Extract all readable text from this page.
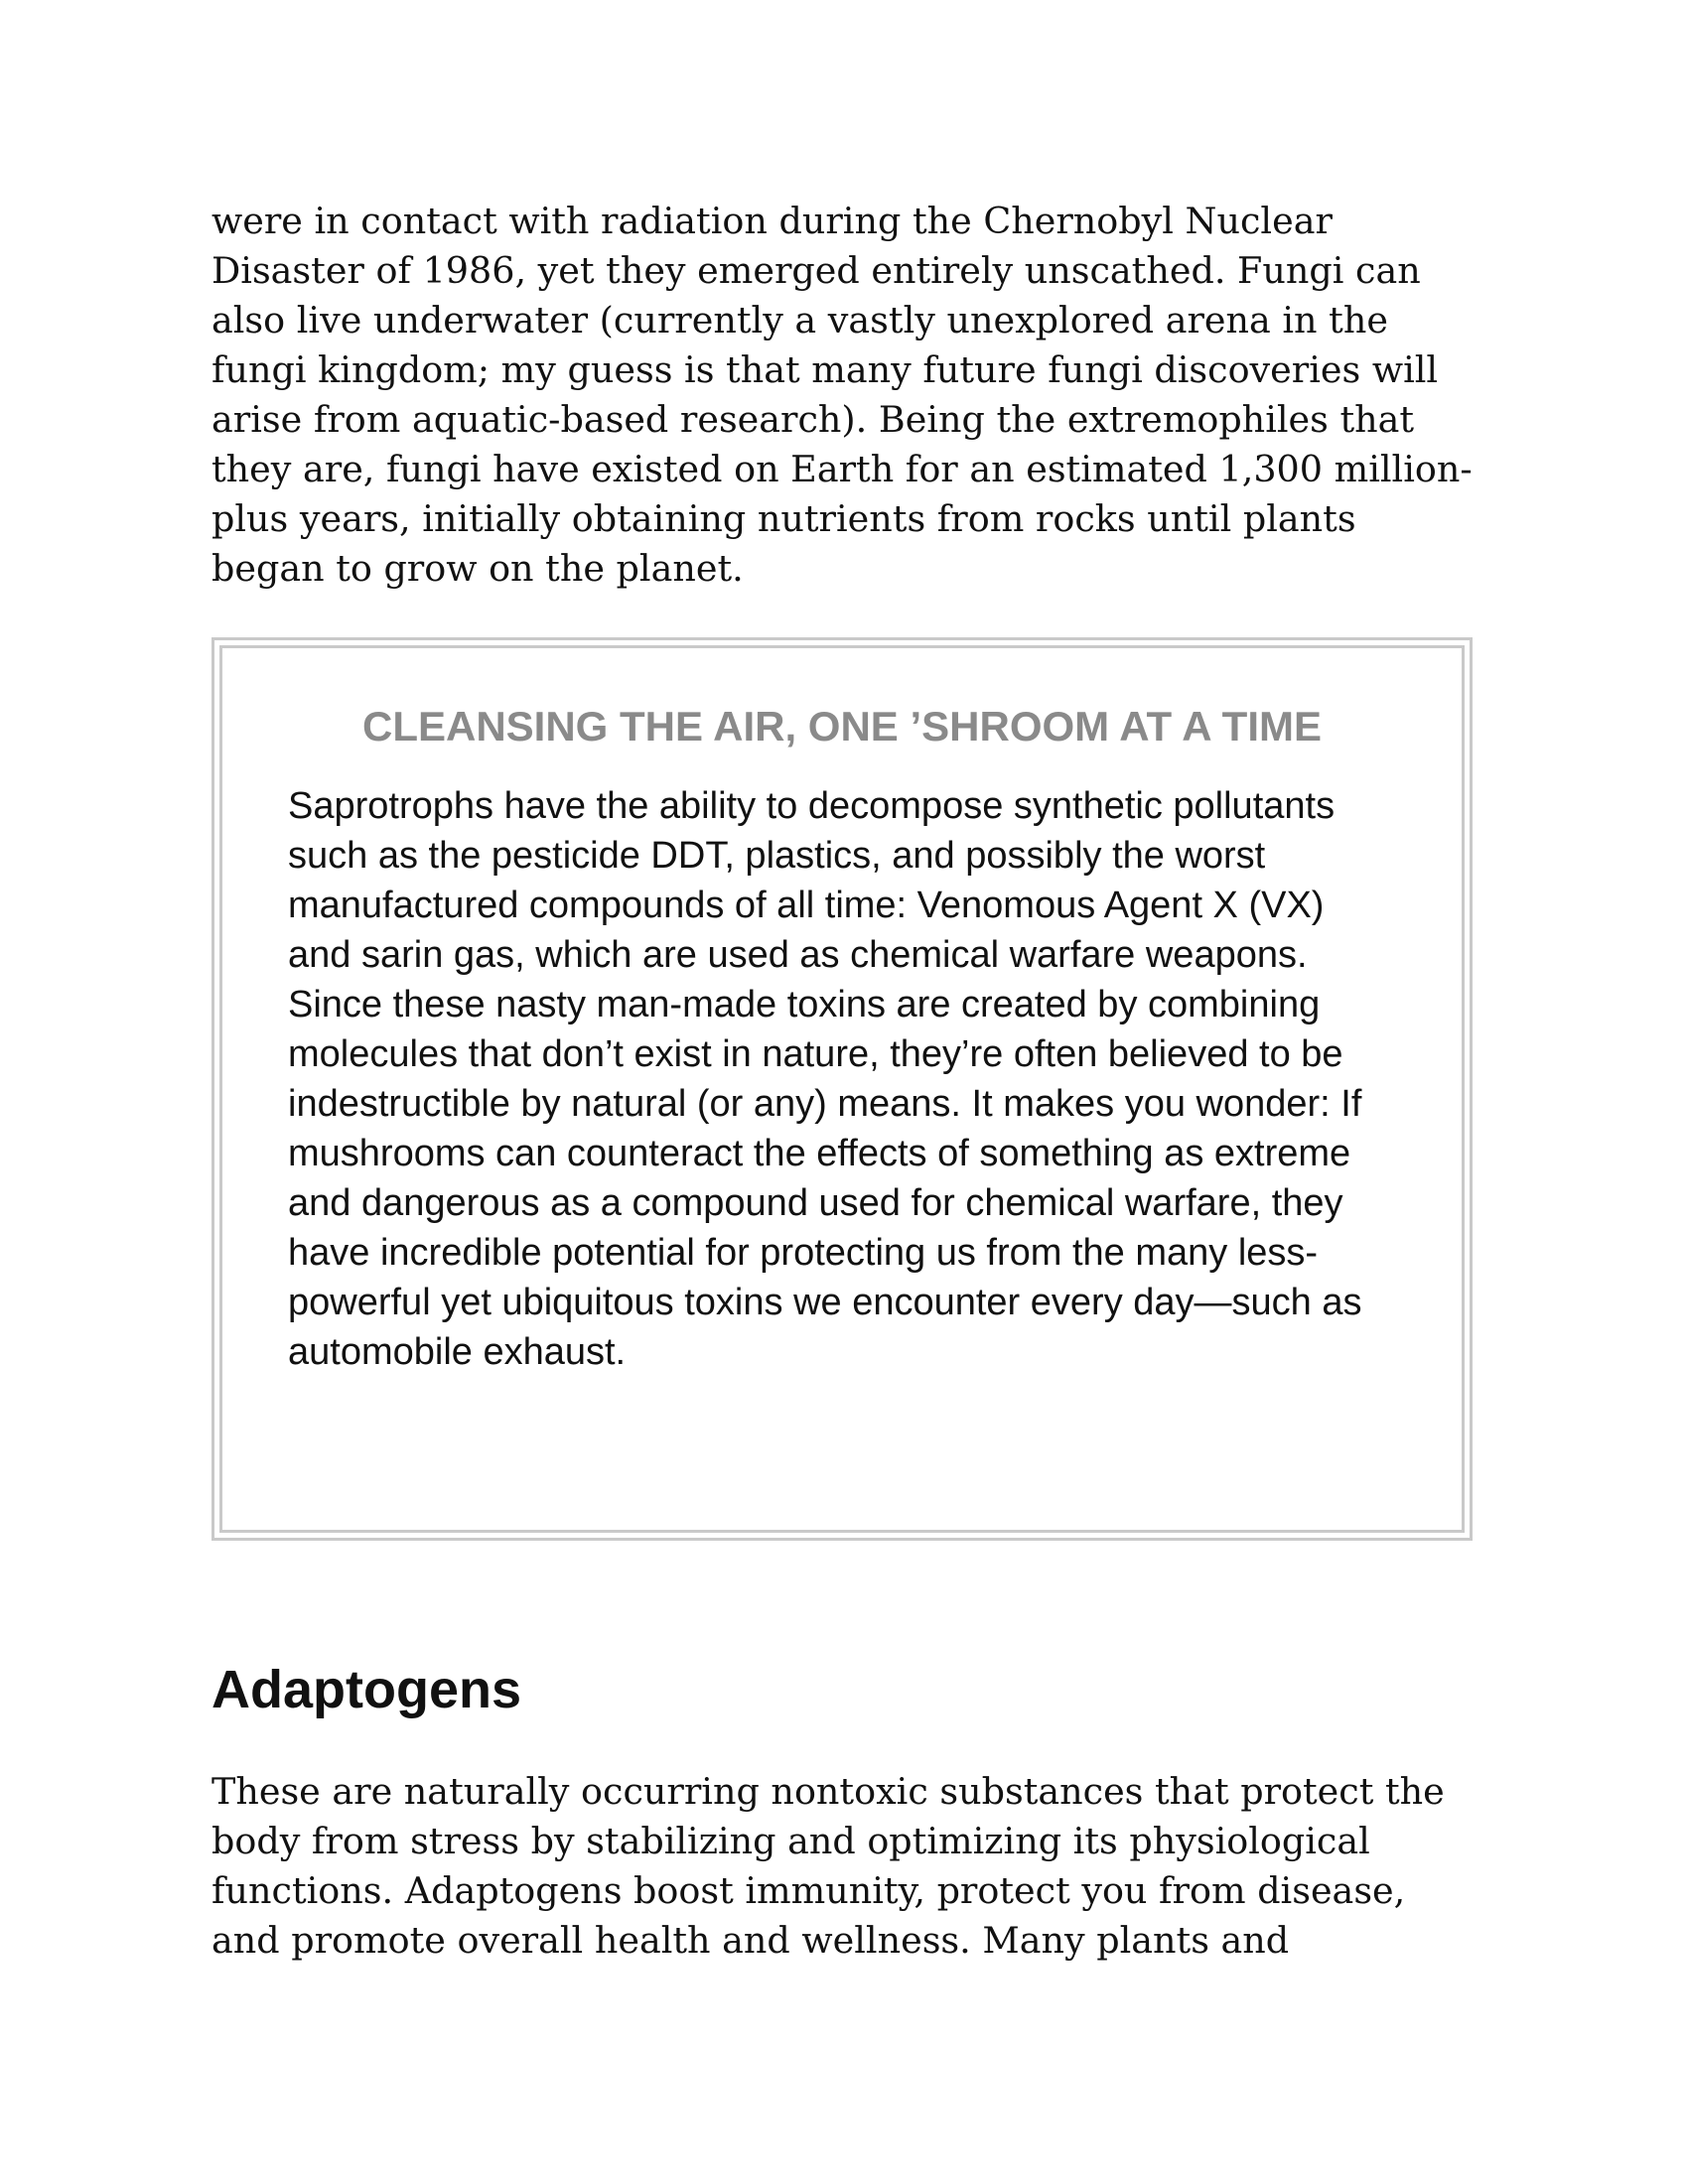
were in contact with radiation during the Chernobyl Nuclear Disaster of 1986, yet they emerged entirely unscathed. Fungi can also live underwater (currently a vastly unexplored arena in the fungi kingdom; my guess is that many future fungi discoveries will arise from aquatic-based research). Being the extremophiles that they are, fungi have existed on Earth for an estimated 1,300 million-plus years, initially obtaining nutrients from rocks until plants began to grow on the planet.

CLEANSING THE AIR, ONE ’SHROOM AT A TIME

Saprotrophs have the ability to decompose synthetic pollutants such as the pesticide DDT, plastics, and possibly the worst manufactured compounds of all time: Venomous Agent X (VX) and sarin gas, which are used as chemical warfare weapons. Since these nasty man-made toxins are created by combining molecules that don’t exist in nature, they’re often believed to be indestructible by natural (or any) means. It makes you wonder: If mushrooms can counteract the effects of something as extreme and dangerous as a compound used for chemical warfare, they have incredible potential for protecting us from the many less-powerful yet ubiquitous toxins we encounter every day—such as automobile exhaust.

Adaptogens

These are naturally occurring nontoxic substances that protect the body from stress by stabilizing and optimizing its physiological functions. Adaptogens boost immunity, protect you from disease, and promote overall health and wellness. Many plants and
